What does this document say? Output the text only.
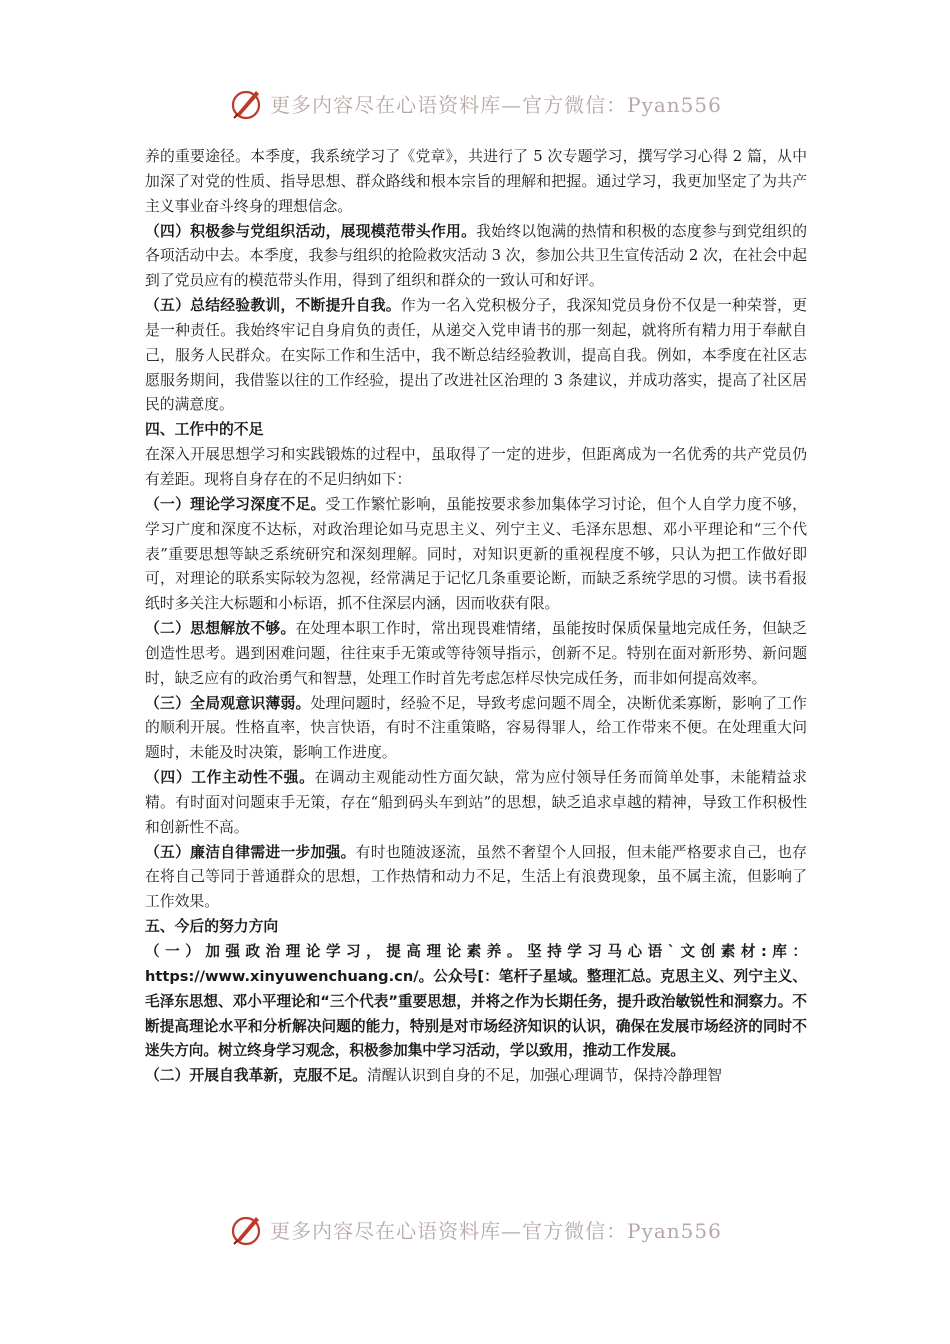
更多内容尽在心语资料库—官方微信：Pyan556

养的重要途径。本季度，我系统学习了《党章》，共进行了 5 次专题学习，撰写学习心得 2 篇，从中加深了对党的性质、指导思想、群众路线和根本宗旨的理解和把握。通过学习，我更加坚定了为共产主义事业奋斗终身的理想信念。

（四）积极参与党组织活动，展现模范带头作用。我始终以饱满的热情和积极的态度参与到党组织的各项活动中去。本季度，我参与组织的抢险救灾活动 3 次，参加公共卫生宣传活动 2 次，在社会中起到了党员应有的模范带头作用，得到了组织和群众的一致认可和好评。

（五）总结经验教训，不断提升自我。作为一名入党积极分子，我深知党员身份不仅是一种荣誉，更是一种责任。我始终牢记自身肩负的责任，从递交入党申请书的那一刻起，就将所有精力用于奉献自己，服务人民群众。在实际工作和生活中，我不断总结经验教训，提高自我。例如，本季度在社区志愿服务期间，我借鉴以往的工作经验，提出了改进社区治理的 3 条建议，并成功落实，提高了社区居民的满意度。

四、工作中的不足

在深入开展思想学习和实践锻炼的过程中，虽取得了一定的进步，但距离成为一名优秀的共产党员仍有差距。现将自身存在的不足归纳如下：

（一）理论学习深度不足。受工作繁忙影响，虽能按要求参加集体学习讨论，但个人自学力度不够，学习广度和深度不达标，对政治理论如马克思主义、列宁主义、毛泽东思想、邓小平理论和“三个代表”重要思想等缺乏系统研究和深刻理解。同时，对知识更新的重视程度不够，只认为把工作做好即可，对理论的联系实际较为忽视，经常满足于记忆几条重要论断，而缺乏系统学思的习惯。读书看报纸时多关注大标题和小标语，抓不住深层内涵，因而收获有限。

（二）思想解放不够。在处理本职工作时，常出现畏难情绪，虽能按时保质保量地完成任务，但缺乏创造性思考。遇到困难问题，往往束手无策或等待领导指示，创新不足。特别在面对新形势、新问题时，缺乏应有的政治勇气和智慧，处理工作时首先考虑怎样尽快完成任务，而非如何提高效率。

（三）全局观意识薄弱。处理问题时，经验不足，导致考虑问题不周全，决断优柔寡断，影响了工作的顺利开展。性格直率，快言快语，有时不注重策略，容易得罪人，给工作带来不便。在处理重大问题时，未能及时决策，影响工作进度。

（四）工作主动性不强。在调动主观能动性方面欠缺，常为应付领导任务而简单处事，未能精益求精。有时面对问题束手无策，存在“船到码头车到站”的思想，缺乏追求卓越的精神，导致工作积极性和创新性不高。

（五）廉洁自律需进一步加强。有时也随波逐流，虽然不奢望个人回报，但未能严格要求自己，也存在将自己等同于普通群众的思想，工作热情和动力不足，生活上有浪费现象，虽不属主流，但影响了工作效果。

五、今后的努力方向

（一）加强政治理论学习，提高理论素养。坚持学习马心语`文创素材:库：https://www.xinyuwenchuang.cn/。公众号[：笔杆子星域。整理汇总。克思主义、列宁主义、毛泽东思想、邓小平理论和“三个代表”重要思想，并将之作为长期任务，提升政治敏锐性和洞察力。不断提高理论水平和分析解决问题的能力，特别是对市场经济知识的认识，确保在发展市场经济的同时不迷失方向。树立终身学习观念，积极参加集中学习活动，学以致用，推动工作发展。

（二）开展自我革新，克服不足。清醒认识到自身的不足，加强心理调节，保持冷静理智

更多内容尽在心语资料库—官方微信：Pyan556
